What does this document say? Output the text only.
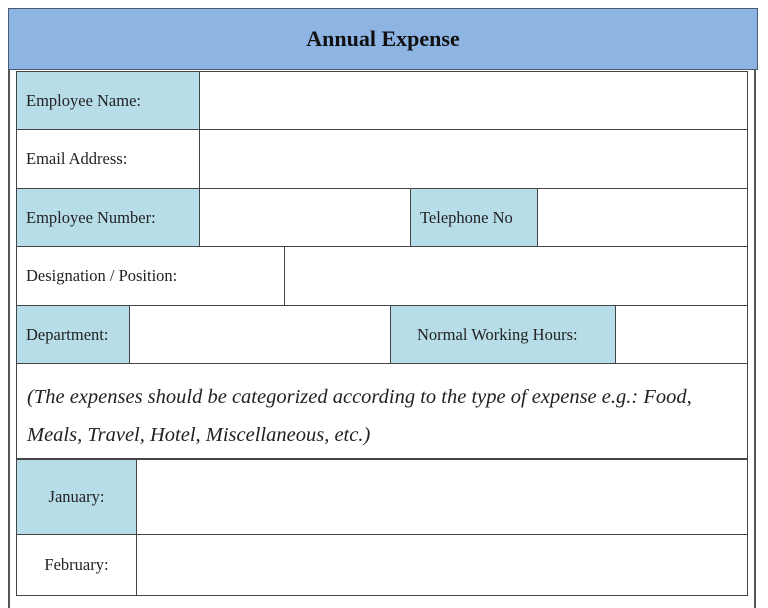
Annual Expense
Employee Name:
Email Address:
Employee Number:	Telephone No
Designation / Position:
Department:	Normal Working Hours:
(The expenses should be categorized according to the type of expense e.g.: Food, Meals, Travel, Hotel, Miscellaneous, etc.)
January:
February:
